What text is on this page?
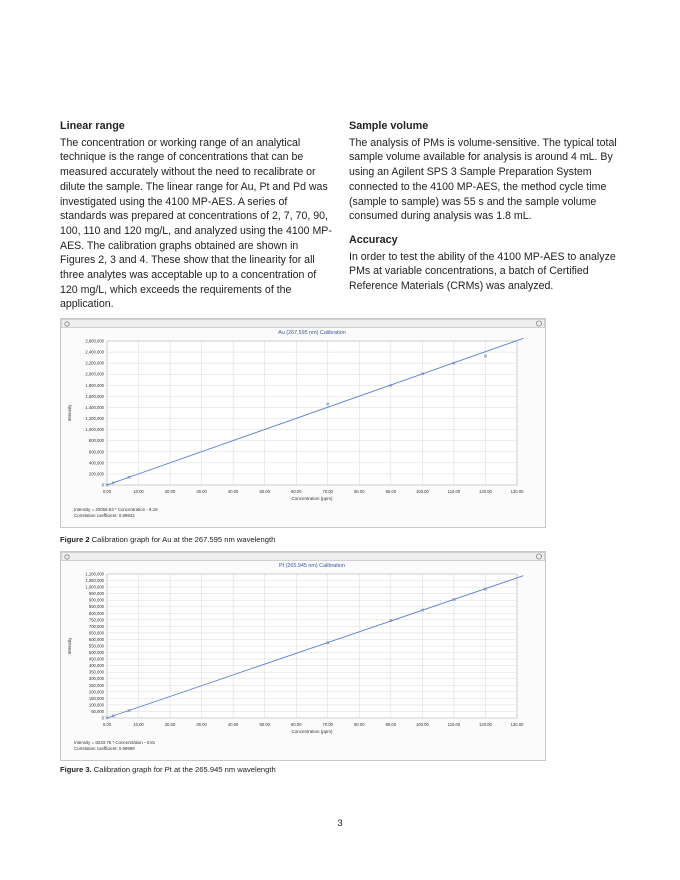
Linear range

The concentration or working range of an analytical technique is the range of concentrations that can be measured accurately without the need to recalibrate or dilute the sample. The linear range for Au, Pt and Pd was investigated using the 4100 MP-AES. A series of standards was prepared at concentrations of 2, 7, 70, 90, 100, 110 and 120 mg/L, and analyzed using the 4100 MP-AES. The calibration graphs obtained are shown in Figures 2, 3 and 4. These show that the linearity for all three analytes was acceptable up to a concentration of 120 mg/L, which exceeds the requirements of the application.

Sample volume

The analysis of PMs is volume-sensitive. The typical total sample volume available for analysis is around 4 mL. By using an Agilent SPS 3 Sample Preparation System connected to the 4100 MP-AES, the method cycle time (sample to sample) was 55 s and the sample volume consumed during analysis was 1.8 mL.

Accuracy

In order to test the ability of the 4100 MP-AES to analyze PMs at variable concentrations, a batch of Certified Reference Materials (CRMs) was analyzed.

Au (267.595 nm) Calibration
0.00	10.00	20.00	30.00	40.00	50.00	60.00	70.00	80.00	90.00	100.00	110.00	120.00	130.00
0
200,000
400,000
600,000
800,000
1,000,000
1,200,000
1,400,000
1,600,000
1,800,000
2,000,000
2,200,000
2,400,000
2,600,000
Concentration (ppm)
Intensity
Intensity = 20058.53 * Concentration - 8.19
Correlation coefficient: 0.99942
Figure 2 Calibration graph for Au at the 267.595 nm wavelength
Pt (265.945 nm) Calibration
0.00	10.00	20.00	30.00	40.00	50.00	60.00	70.00	80.00	90.00	100.00	110.00	120.00	130.00
0
50,000
100,000
150,000
200,000
250,000
300,000
350,000
400,000
450,000
500,000
550,000
600,000
650,000
700,000
750,000
800,000
850,000
900,000
950,000
1,000,000
1,050,000
1,100,000
Concentration (ppm)
Intensity
Intensity = 8233.75 * Concentration - 0.81
Correlation coefficient: 0.99989
Figure 3. Calibration graph for Pt at the 265.945 nm wavelength
3
